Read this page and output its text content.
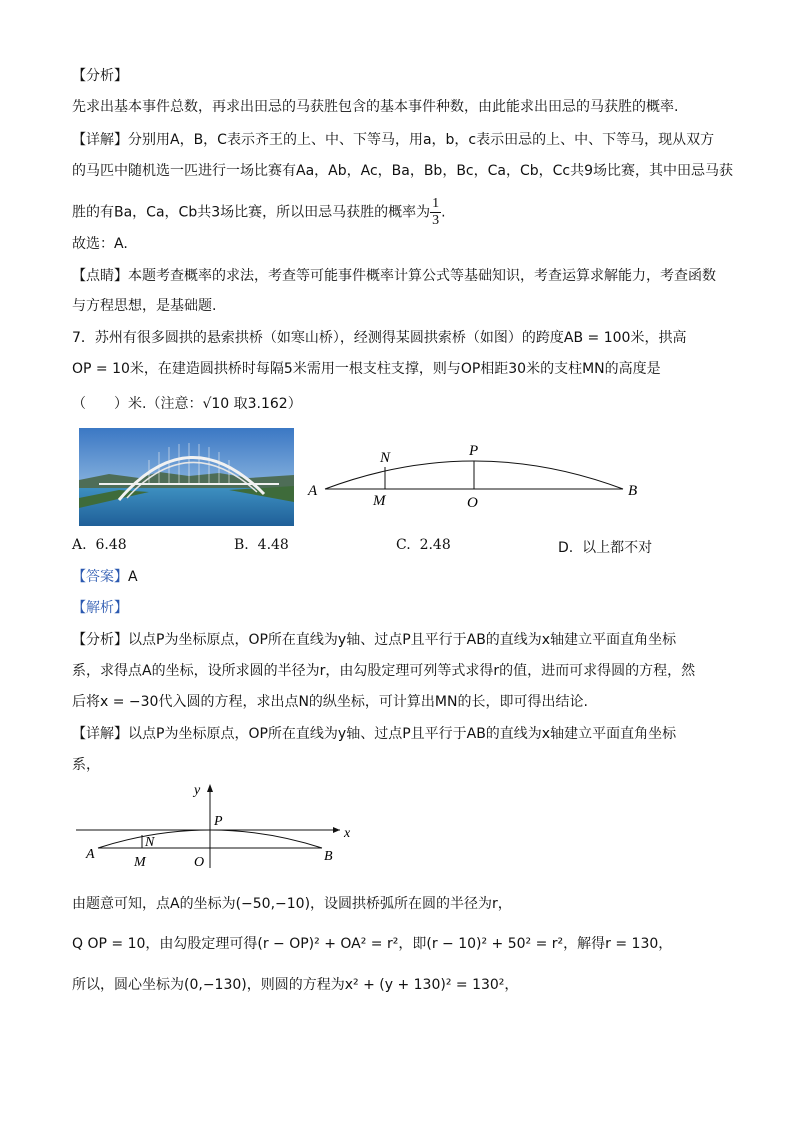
【分析】
先求出基本事件总数，再求出田忌的马获胜包含的基本事件种数，由此能求出田忌的马获胜的概率.
【详解】分别用A，B，C表示齐王的上、中、下等马，用a，b，c表示田忌的上、中、下等马，现从双方
的马匹中随机选一匹进行一场比赛有Aa，Ab，Ac，Ba，Bb，Bc，Ca，Cb，Cc共9场比赛，其中田忌马获
胜的有Ba，Ca，Cb共3场比赛，所以田忌马获胜的概率为 $\frac{1}{3}$ .
故选：A.
【点睛】本题考查概率的求法，考查等可能事件概率计算公式等基础知识，考查运算求解能力，考查函数
与方程思想，是基础题.
7．苏州有很多圆拱的悬索拱桥（如寒山桥），经测得某圆拱索桥（如图）的跨度AB = 100米，拱高
OP = 10米，在建造圆拱桥时每隔5米需用一根支柱支撑，则与OP相距30米的支柱MN的高度是
（　　）米.（注意：√10 取3.162）
A	B
N
M
P
O
A. 6.48	B. 4.48	C. 2.48	D. 以上都不对
【答案】A
【解析】
【分析】以点P为坐标原点，OP所在直线为y轴、过点P且平行于AB的直线为x轴建立平面直角坐标
系，求得点A的坐标，设所求圆的半径为r，由勾股定理可列等式求得r的值，进而可求得圆的方程，然
后将x = −30代入圆的方程，求出点N的纵坐标，可计算出MN的长，即可得出结论.
【详解】以点P为坐标原点，OP所在直线为y轴、过点P且平行于AB的直线为x轴建立平面直角坐标
系，
x
y
P
A	B
N
M	O
由题意可知，点A的坐标为(−50,−10)，设圆拱桥弧所在圆的半径为r，
Q OP = 10，由勾股定理可得(r − OP)² + OA² = r²，即(r − 10)² + 50² = r²，解得r = 130，
所以，圆心坐标为(0,−130)，则圆的方程为x² + (y + 130)² = 130²，
